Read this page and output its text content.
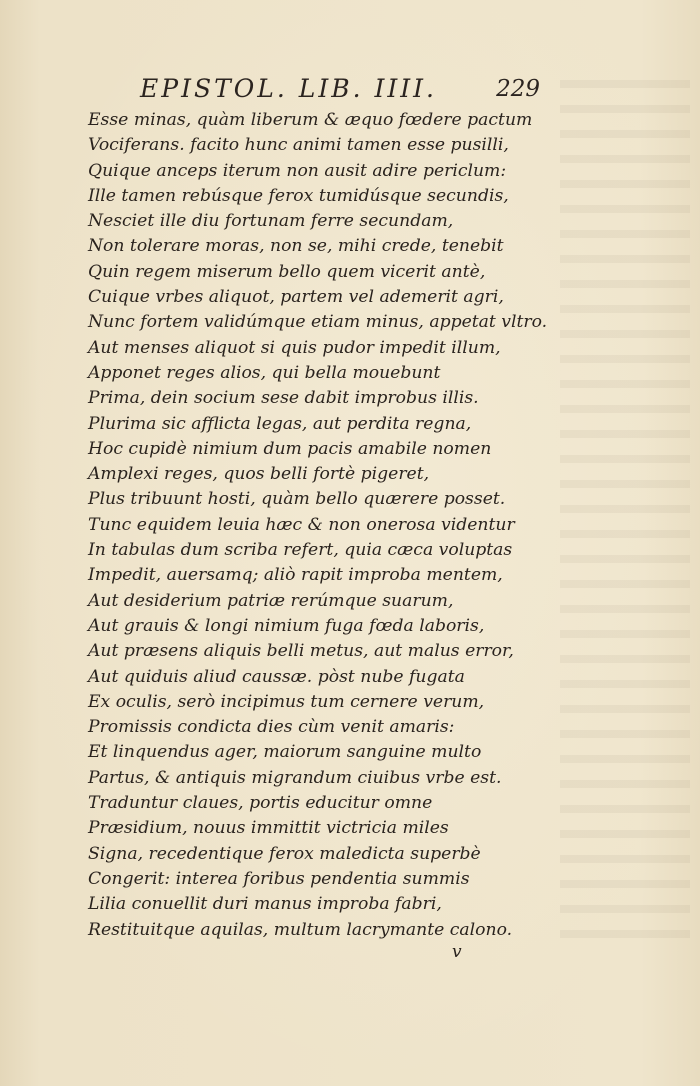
EPISTOL. LIB. IIII.	229
Esse minas, quàm liberum & æquo fœdere pactum
Vociferans. facito hunc animi tamen esse pusilli,
Quique anceps iterum non ausit adire periclum:
Ille tamen rebúsque ferox tumidúsque secundis,
Nesciet ille diu fortunam ferre secundam,
Non tolerare moras, non se, mihi crede, tenebit
Quin regem miserum bello quem vicerit antè,
Cuique vrbes aliquot, partem vel ademerit agri,
Nunc fortem validúmque etiam minus, appetat vltro.
Aut menses aliquot si quis pudor impedit illum,
Apponet reges alios, qui bella mouebunt
Prima, dein socium sese dabit improbus illis.
Plurima sic afflicta legas, aut perdita regna,
Hoc cupidè nimium dum pacis amabile nomen
Amplexi reges, quos belli fortè pigeret,
Plus tribuunt hosti, quàm bello quærere posset.
Tunc equidem leuia hæc & non onerosa videntur
In tabulas dum scriba refert, quia cæca voluptas
Impedit, auersamq; aliò rapit improba mentem,
Aut desiderium patriæ rerúmque suarum,
Aut grauis & longi nimium fuga fœda laboris,
Aut præsens aliquis belli metus, aut malus error,
Aut quiduis aliud caussæ. pòst nube fugata
Ex oculis, serò incipimus tum cernere verum,
Promissis condicta dies cùm venit amaris:
Et linquendus ager, maiorum sanguine multo
Partus, & antiquis migrandum ciuibus vrbe est.
Traduntur claues, portis educitur omne
Præsidium, nouus immittit victricia miles
Signa, recedentique ferox maledicta superbè
Congerit: interea foribus pendentia summis
Lilia conuellit duri manus improba fabri,
Restituitque aquilas, multum lacrymante calono.
v
